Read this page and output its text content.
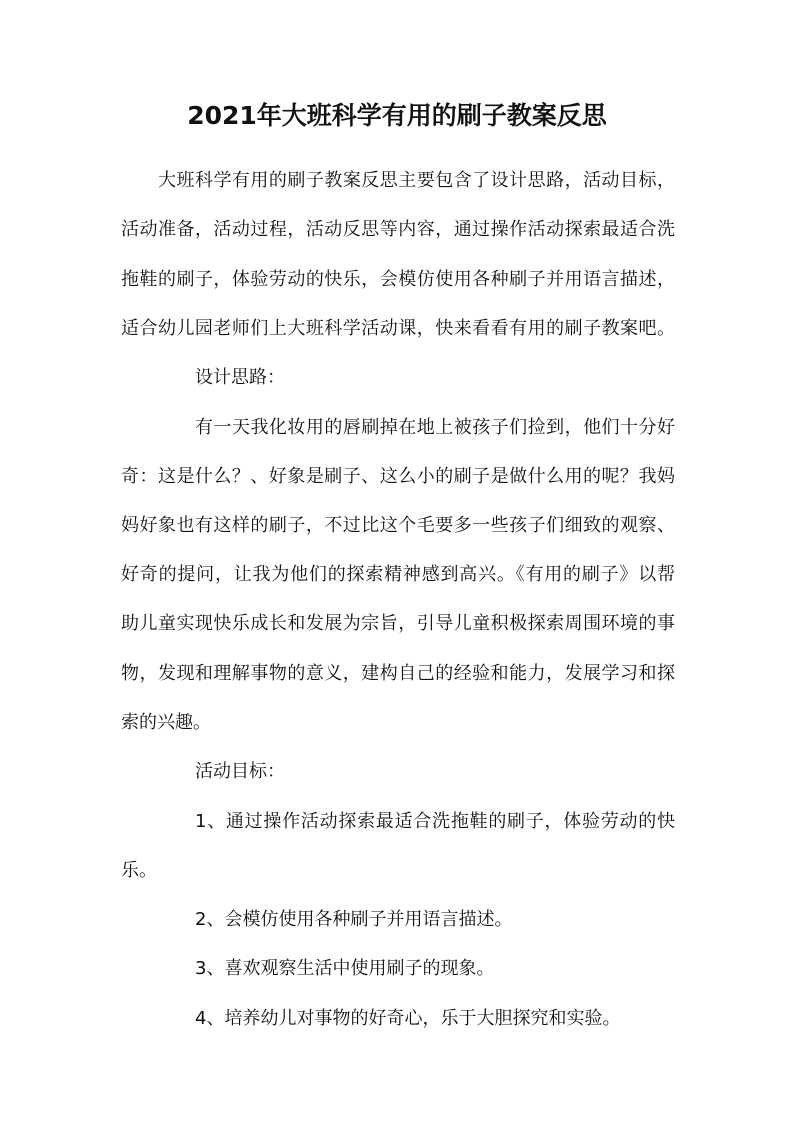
2021年大班科学有用的刷子教案反思

大班科学有用的刷子教案反思主要包含了设计思路，活动目标，

活动准备，活动过程，活动反思等内容，通过操作活动探索最适合洗

拖鞋的刷子，体验劳动的快乐，会模仿使用各种刷子并用语言描述，

适合幼儿园老师们上大班科学活动课，快来看看有用的刷子教案吧。

设计思路：

有一天我化妆用的唇刷掉在地上被孩子们捡到，他们十分好

奇：这是什么？、好象是刷子、这么小的刷子是做什么用的呢？我妈

妈好象也有这样的刷子，不过比这个毛要多一些孩子们细致的观察、

好奇的提问，让我为他们的探索精神感到高兴。《有用的刷子》以帮

助儿童实现快乐成长和发展为宗旨，引导儿童积极探索周围环境的事

物，发现和理解事物的意义，建构自己的经验和能力，发展学习和探

索的兴趣。

活动目标：

1、通过操作活动探索最适合洗拖鞋的刷子，体验劳动的快

乐。

2、会模仿使用各种刷子并用语言描述。

3、喜欢观察生活中使用刷子的现象。

4、培养幼儿对事物的好奇心，乐于大胆探究和实验。
